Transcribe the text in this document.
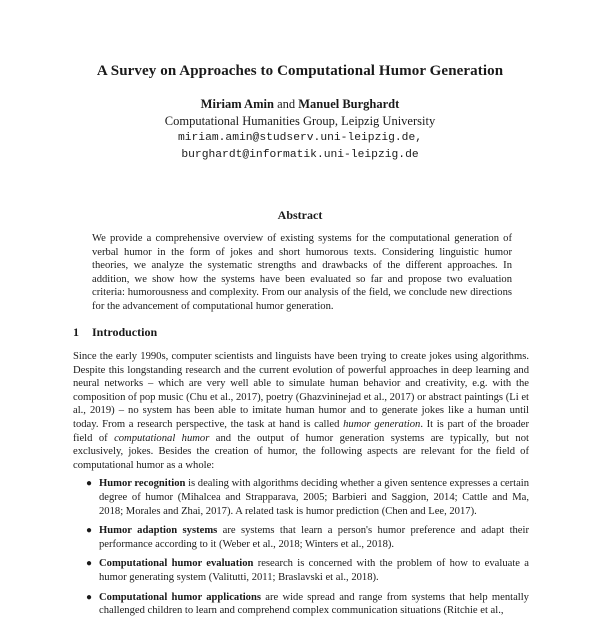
A Survey on Approaches to Computational Humor Generation
Miriam Amin and Manuel Burghardt
Computational Humanities Group, Leipzig University
miriam.amin@studserv.uni-leipzig.de,
burghardt@informatik.uni-leipzig.de
Abstract
We provide a comprehensive overview of existing systems for the computational generation of verbal humor in the form of jokes and short humorous texts. Considering linguistic humor theories, we analyze the systematic strengths and drawbacks of the different approaches. In addition, we show how the systems have been evaluated so far and propose two evaluation criteria: humorousness and complexity. From our analysis of the field, we conclude new directions for the advancement of computational humor generation.
1 Introduction

Since the early 1990s, computer scientists and linguists have been trying to create jokes using algorithms. Despite this longstanding research and the current evolution of powerful approaches in deep learning and neural networks – which are very well able to simulate human behavior and creativity, e.g. with the composition of pop music (Chu et al., 2017), poetry (Ghazvininejad et al., 2017) or abstract paintings (Li et al., 2019) – no system has been able to imitate human humor and to generate jokes like a human until today. From a research perspective, the task at hand is called humor generation. It is part of the broader field of computational humor and the output of humor generation systems are typically, but not exclusively, jokes. Besides the creation of humor, the following aspects are relevant for the field of computational humor as a whole:

● Humor recognition is dealing with algorithms deciding whether a given sentence expresses a certain degree of humor (Mihalcea and Strapparava, 2005; Barbieri and Saggion, 2014; Cattle and Ma, 2018; Morales and Zhai, 2017). A related task is humor prediction (Chen and Lee, 2017).
● Humor adaption systems are systems that learn a person's humor preference and adapt their performance according to it (Weber et al., 2018; Winters et al., 2018).
● Computational humor evaluation research is concerned with the problem of how to evaluate a humor generating system (Valitutti, 2011; Braslavski et al., 2018).
● Computational humor applications are wide spread and range from systems that help mentally challenged children to learn and comprehend complex communication situations (Ritchie et al.,
